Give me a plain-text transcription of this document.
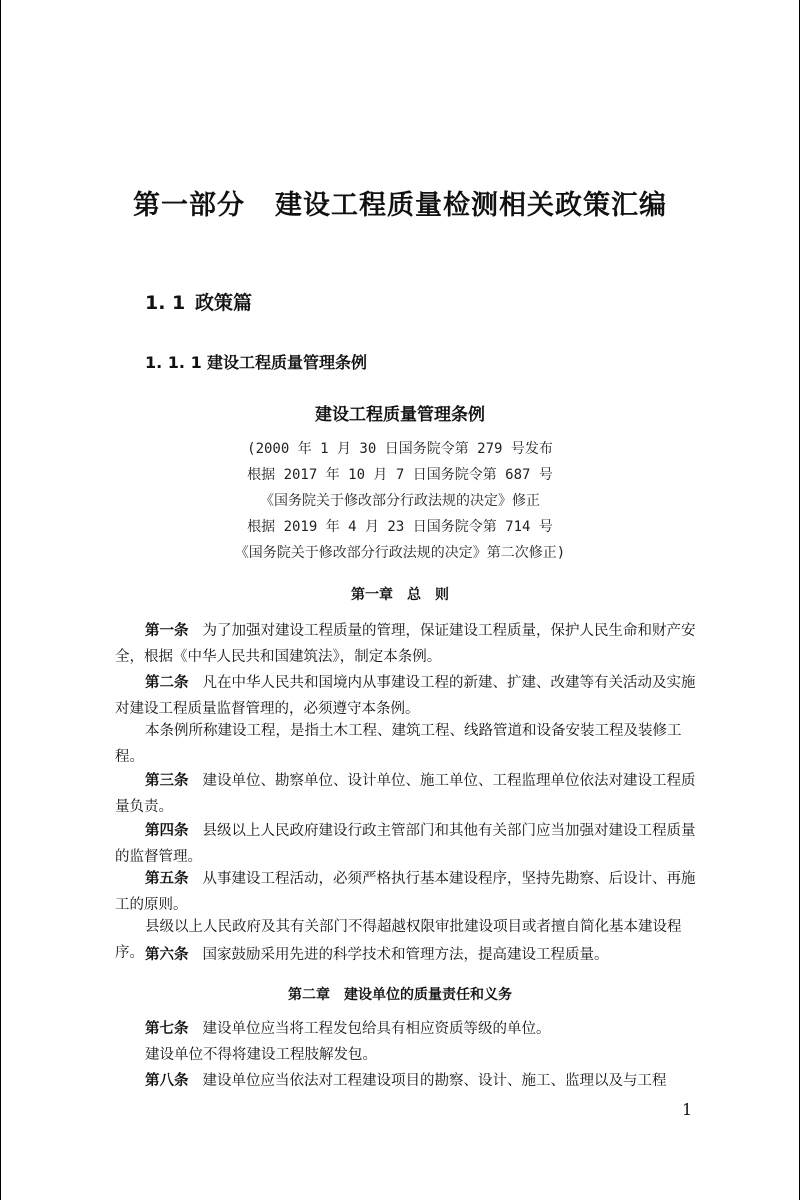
第一部分 建设工程质量检测相关政策汇编
1. 1 政策篇
1. 1. 1 建设工程质量管理条例
建设工程质量管理条例
(2000 年 1 月 30 日国务院令第 279 号发布
根据 2017 年 10 月 7 日国务院令第 687 号
《国务院关于修改部分行政法规的决定》修正
根据 2019 年 4 月 23 日国务院令第 714 号
《国务院关于修改部分行政法规的决定》第二次修正)
第一章　总　则
第一条 为了加强对建设工程质量的管理，保证建设工程质量，保护人民生命和财产安全，根据《中华人民共和国建筑法》，制定本条例。
第二条 凡在中华人民共和国境内从事建设工程的新建、扩建、改建等有关活动及实施对建设工程质量监督管理的，必须遵守本条例。
本条例所称建设工程，是指土木工程、建筑工程、线路管道和设备安装工程及装修工程。
第三条 建设单位、勘察单位、设计单位、施工单位、工程监理单位依法对建设工程质量负责。
第四条 县级以上人民政府建设行政主管部门和其他有关部门应当加强对建设工程质量的监督管理。
第五条 从事建设工程活动，必须严格执行基本建设程序，坚持先勘察、后设计、再施工的原则。
县级以上人民政府及其有关部门不得超越权限审批建设项目或者擅自简化基本建设程序。 第六条 国家鼓励采用先进的科学技术和管理方法，提高建设工程质量。
第二章　建设单位的质量责任和义务
第七条 建设单位应当将工程发包给具有相应资质等级的单位。
建设单位不得将建设工程肢解发包。
第八条 建设单位应当依法对工程建设项目的勘察、设计、施工、监理以及与工程
1
